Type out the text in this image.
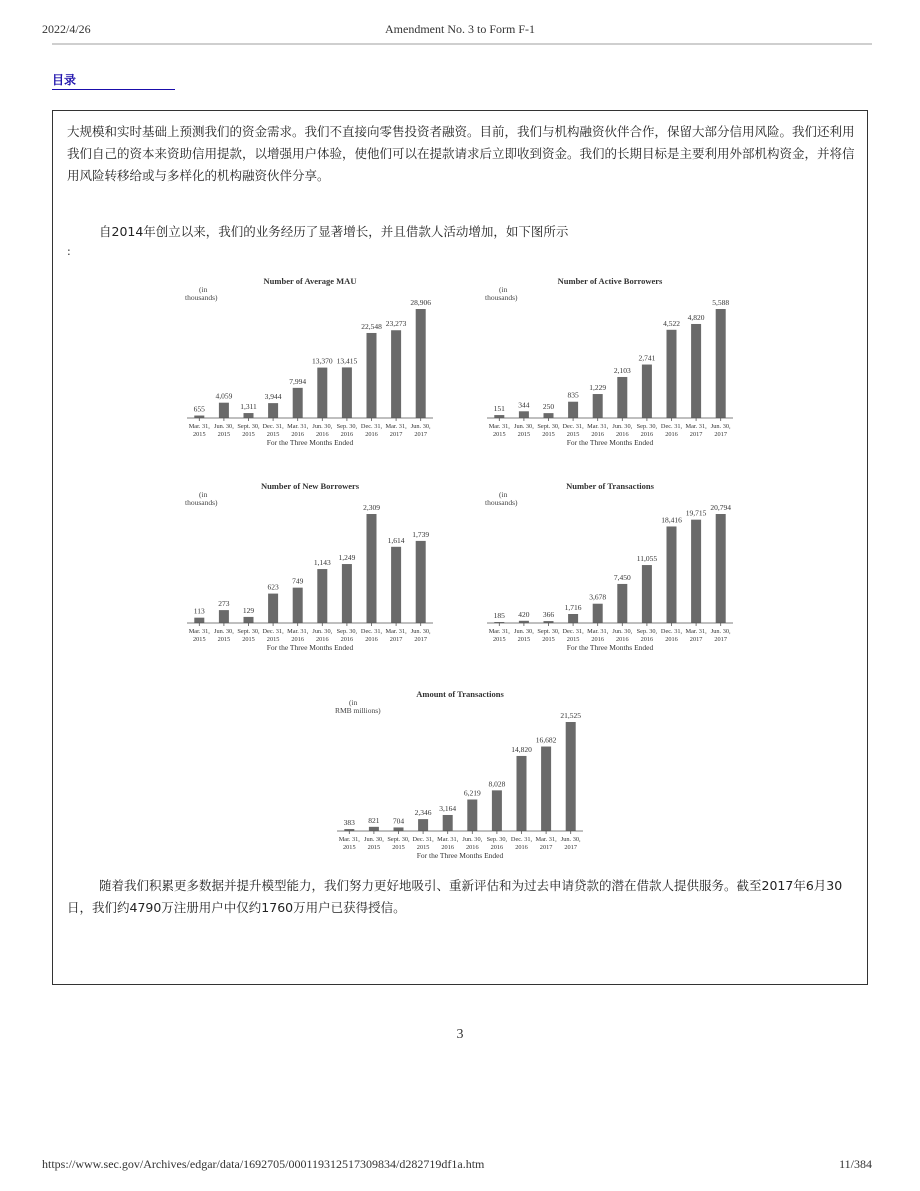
2022/4/26	Amendment No. 3 to Form F-1
目录

大规模和实时基础上预测我们的资金需求。我们不直接向零售投资者融资。目前，我们与机构融资伙伴合作，保留大部分信用风险。我们还利用我们自己的资本来资助信用提款，以增强用户体验，使他们可以在提款请求后立即收到资金。我们的长期目标是主要利用外部机构资金，并将信用风险转移给或与多样化的机构融资伙伴分享。

自2014年创立以来，我们的业务经历了显著增长，并且借款人活动增加，如下图所示

:
Number of Average MAU
(in
thousands)
655
Mar. 31,
2015
4,059
Jun. 30,
2015
1,311
Sept. 30,
2015
3,944
Dec. 31,
2015
7,994
Mar. 31,
2016
13,370
Jun. 30,
2016
13,415
Sep. 30,
2016
22,548
Dec. 31,
2016
23,273
Mar. 31,
2017
28,906
Jun. 30,
2017
For the Three Months Ended
Number of Active Borrowers
(in
thousands)
151
Mar. 31,
2015
344
Jun. 30,
2015
250
Sept. 30,
2015
835
Dec. 31,
2015
1,229
Mar. 31,
2016
2,103
Jun. 30,
2016
2,741
Sep. 30,
2016
4,522
Dec. 31,
2016
4,820
Mar. 31,
2017
5,588
Jun. 30,
2017
For the Three Months Ended
Number of New Borrowers
(in
thousands)
113
Mar. 31,
2015
273
Jun. 30,
2015
129
Sept. 30,
2015
623
Dec. 31,
2015
749
Mar. 31,
2016
1,143
Jun. 30,
2016
1,249
Sep. 30,
2016
2,309
Dec. 31,
2016
1,614
Mar. 31,
2017
1,739
Jun. 30,
2017
For the Three Months Ended
Number of Transactions
(in
thousands)
185
Mar. 31,
2015
420
Jun. 30,
2015
366
Sept. 30,
2015
1,716
Dec. 31,
2015
3,678
Mar. 31,
2016
7,450
Jun. 30,
2016
11,055
Sep. 30,
2016
18,416
Dec. 31,
2016
19,715
Mar. 31,
2017
20,794
Jun. 30,
2017
For the Three Months Ended
Amount of Transactions
(in
RMB millions)
383
Mar. 31,
2015
821
Jun. 30,
2015
704
Sept. 30,
2015
2,346
Dec. 31,
2015
3,164
Mar. 31,
2016
6,219
Jun. 30,
2016
8,028
Sep. 30,
2016
14,820
Dec. 31,
2016
16,682
Mar. 31,
2017
21,525
Jun. 30,
2017
For the Three Months Ended

随着我们积累更多数据并提升模型能力，我们努力更好地吸引、重新评估和为过去申请贷款的潜在借款人提供服务。截至2017年6月30日，我们约4790万注册用户中仅约1760万用户已获得授信。

3
https://www.sec.gov/Archives/edgar/data/1692705/000119312517309834/d282719df1a.htm	11/384
